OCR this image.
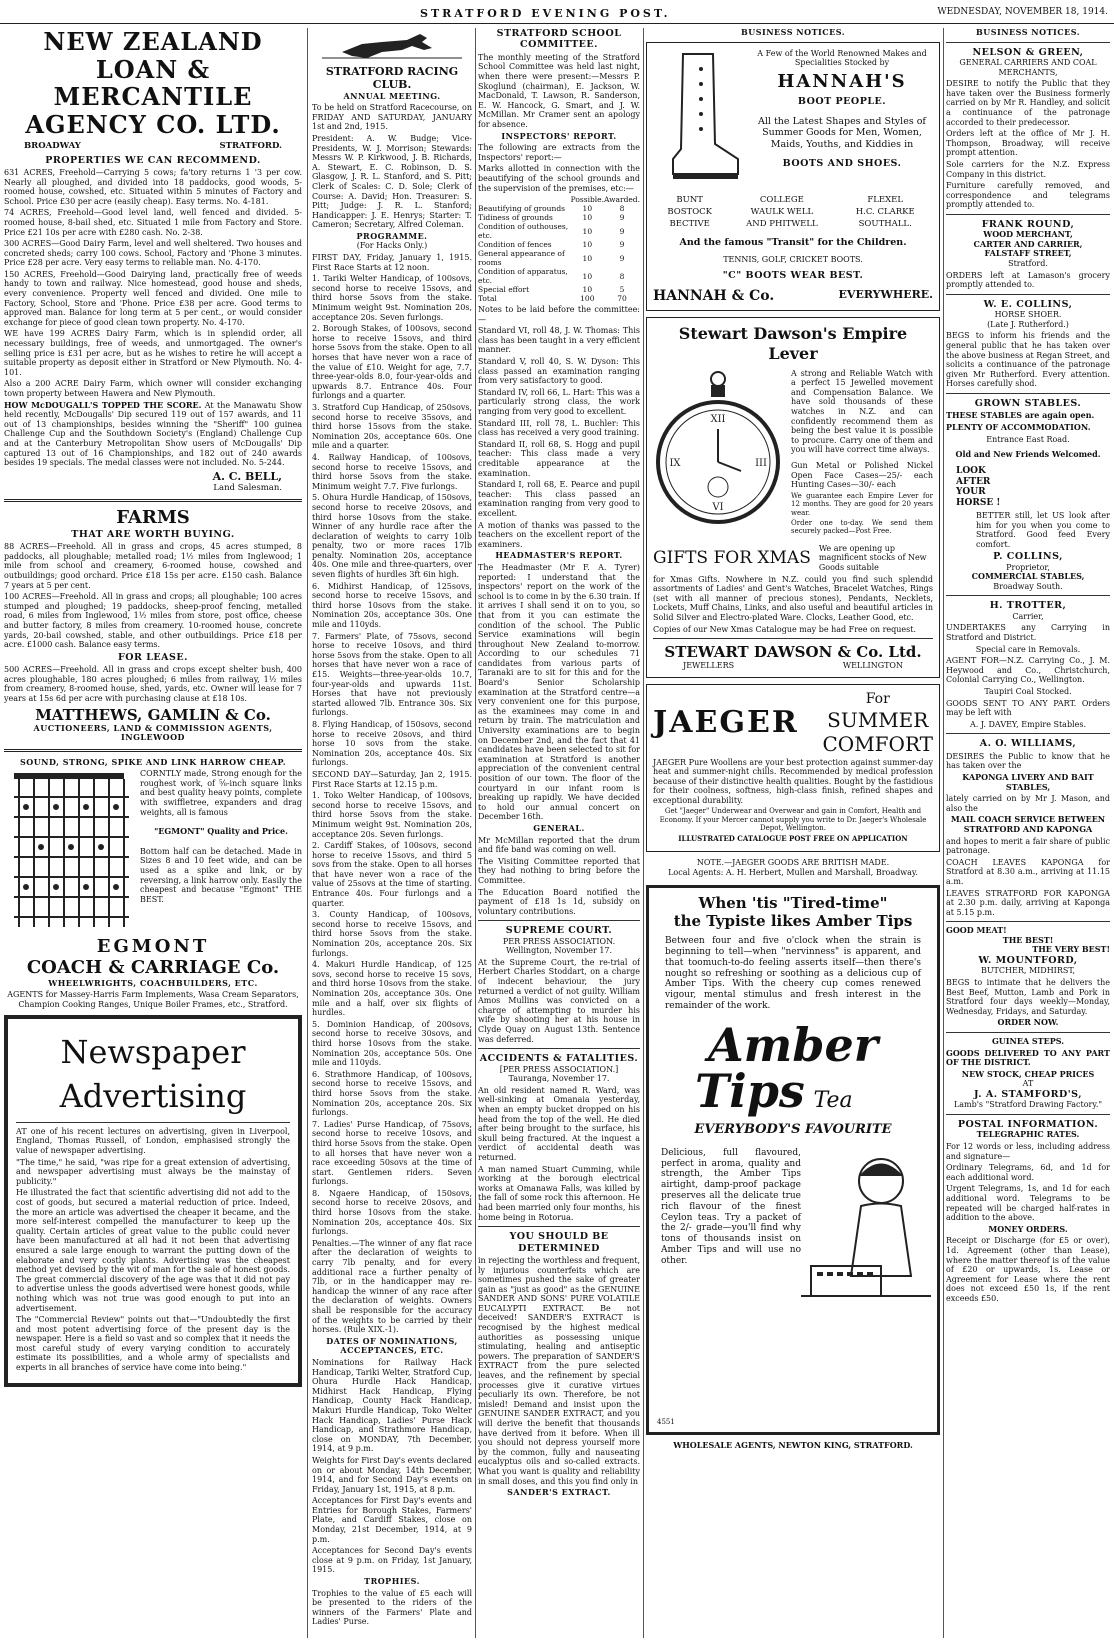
STRATFORD EVENING POST.	WEDNESDAY, NOVEMBER 18, 1914.
NEW ZEALAND
LOAN & MERCANTILE
AGENCY CO. LTD.
BROADWAY	STRATFORD.
PROPERTIES WE CAN RECOMMEND.

631 ACRES, Freehold—Carrying 5 cows; fa'tory returns 1 '3 per cow. Nearly all ploughed, and divided into 18 paddocks, good woods, 5-roomed house, cowshed, etc. Situated within 5 minutes of Factory and School. Price £30 per acre (easily cheap). Easy terms. No. 4-181.

74 ACRES, Freehold—Good level land, well fenced and divided. 5-roomed house, 8-bail shed, etc. Situated 1 mile from Factory and Store. Price £21 10s per acre with £280 cash. No. 2-38.

300 ACRES—Good Dairy Farm, level and well sheltered. Two houses and concreted sheds; carry 100 cows. School, Factory and 'Phone 3 minutes. Price £28 per acre. Very easy terms to reliable man. No. 4-170.

150 ACRES, Freehold—Good Dairying land, practically free of weeds handy to town and railway. Nice homestead, good house and sheds, every convenience. Property well fenced and divided. One mile to Factory, School, Store and 'Phone. Price £38 per acre. Good terms to approved man. Balance for long term at 5 per cent., or would consider exchange for piece of good clean town property. No. 4-170.

WE have 199 ACRES Dairy Farm, which is in splendid order, all necessary buildings, free of weeds, and unmortgaged. The owner's selling price is £31 per acre, but as he wishes to retire he will accept a suitable property as deposit either in Stratford or New Plymouth. No. 4-101.

Also a 200 ACRE Dairy Farm, which owner will consider exchanging town property between Hawera and New Plymouth.

HOW McDOUGALL'S TOPPED THE SCORE. At the Manawatu Show held recently, McDougalls' Dip secured 119 out of 157 awards, and 11 out of 13 championships, besides winning the "Sheriff" 100 guinea Challenge Cup and the Southdown Society's (England) Challenge Cup and at the Canterbury Metropolitan Show users of McDougalls' Dip captured 13 out of 16 Championships, and 182 out of 240 awards besides 19 specials. The medal classes were not included. No. 5-244.

A. C. BELL,
Land Salesman.
FARMS
THAT ARE WORTH BUYING.

88 ACRES—Freehold. All in grass and crops, 45 acres stumped, 8 paddocks, all ploughable; metalled road; 1½ miles from Inglewood; 1 mile from school and creamery, 6-roomed house, cowshed and outbuildings; good orchard. Price £18 15s per acre. £150 cash. Balance 7 years at 5 per cent.

100 ACRES—Freehold. All in grass and crops; all ploughable; 100 acres stumped and ploughed; 19 paddocks, sheep-proof fencing, metalled road, 6 miles from Inglewood, 1½ miles from store, post office, cheese and butter factory, 8 miles from creamery. 10-roomed house, concrete yards, 20-bail cowshed, stable, and other outbuildings. Price £18 per acre. £1000 cash. Balance easy terms.

FOR LEASE.

500 ACRES—Freehold. All in grass and crops except shelter bush, 400 acres ploughable, 180 acres ploughed; 6 miles from railway, 1½ miles from creamery, 8-roomed house, shed, yards, etc. Owner will lease for 7 years at 15s 6d per acre with purchasing clause at £18 10s.

MATTHEWS, GAMLIN & Co.
AUCTIONEERS, LAND & COMMISSION AGENTS,
INGLEWOOD
SOUND, STRONG, SPIKE AND LINK HARROW CHEAP.

CORNTLY made, Strong enough for the roughest work, of ⅝-inch square links and best quality heavy points, complete with swiffletree, expanders and drag weights, all is famous

"EGMONT" Quality and Price.

Bottom half can be detached. Made in Sizes 8 and 10 feet wide, and can be used as a spike and link, or by reversing, a link harrow only. Easily the cheapest and because "Egmont" THE BEST.

EGMONT
COACH & CARRIAGE Co.
WHEELWRIGHTS, COACHBUILDERS, ETC.

AGENTS for Massey-Harris Farm Implements, Wasa Cream Separators, Champion Cooking Ranges, Unique Boiler Frames, etc., Stratford.

Newspaper
Advertising

AT one of his recent lectures on advertising, given in Liverpool, England, Thomas Russell, of London, emphasised strongly the value of newspaper advertising.

"The time," he said, "was ripe for a great extension of advertising, and newspaper advertising must always be the mainstay of publicity."

He illustrated the fact that scientific advertising did not add to the cost of goods, but secured a material reduction of price. Indeed, the more an article was advertised the cheaper it became, and the more self-interest compelled the manufacturer to keep up the quality. Certain articles of great value to the public could never have been manufactured at all had it not been that advertising ensured a sale large enough to warrant the putting down of the elaborate and very costly plants. Advertising was the cheapest method yet devised by the wit of man for the sale of honest goods. The great commercial discovery of the age was that it did not pay to advertise unless the goods advertised were honest goods, while nothing which was not true was good enough to put into an advertisement.

The "Commercial Review" points out that—"Undoubtedly the first and most potent advertising force of the present day is the newspaper. Here is a field so vast and so complex that it needs the most careful study of every varying condition to accurately estimate its possibilities, and a whole army of specialists and experts in all branches of service have come into being."

STRATFORD RACING CLUB.
ANNUAL MEETING.

To be held on Stratford Racecourse, on FRIDAY AND SATURDAY, JANUARY 1st and 2nd, 1915.

President: A. W. Budge; Vice-Presidents, W. J. Morrison; Stewards: Messrs W. P. Kirkwood, J. B. Richards, A. Stewart, E. C. Robinson, D. S. Glasgow, J. R. L. Stanford, and S. Pitt; Clerk of Scales: C. D. Sole; Clerk of Course: A. David; Hon. Treasurer: S. Pitt; Judge: J. R. L. Stanford; Handicapper: J. E. Henrys; Starter: T. Cameron; Secretary, Alfred Coleman.

PROGRAMME.
(For Hacks Only.)

FIRST DAY, Friday, January 1, 1915. First Race Starts at 12 noon.

1. Tariki Welter Handicap, of 100sovs, second horse to receive 15sovs, and third horse 5sovs from the stake. Minimum weight 9st. Nomination 20s, acceptance 20s. Seven furlongs.

2. Borough Stakes, of 100sovs, second horse to receive 15sovs, and third horse 5sovs from the stake. Open to all horses that have never won a race of the value of £10. Weight for age, 7.7, three-year-olds 8.0, four-year-olds and upwards 8.7. Entrance 40s. Four furlongs and a quarter.

3. Stratford Cup Handicap, of 250sovs, second horse to receive 35sovs, and third horse 15sovs from the stake. Nomination 20s, acceptance 60s. One mile and a quarter.

4. Railway Handicap, of 100sovs, second horse to receive 15sovs, and third horse 5sovs from the stake. Minimum weight 7.7. Five furlongs.

5. Ohura Hurdle Handicap, of 150sovs, second horse to receive 20sovs, and third horse 10sovs from the stake. Winner of any hurdle race after the declaration of weights to carry 10lb penalty, two or more races 17lb penalty. Nomination 20s, acceptance 40s. One mile and three-quarters, over seven flights of hurdles 3ft 6in high.

6. Midhirst Handicap, of 125sovs, second horse to receive 15sovs, and third horse 10sovs from the stake. Nomination 20s, acceptance 30s. One mile and 110yds.

7. Farmers' Plate, of 75sovs, second horse to receive 10sovs, and third horse 5sovs from the stake. Open to all horses that have never won a race of £15. Weights—three-year-olds 10.7, four-year-olds and upwards 11st. Horses that have not previously started allowed 7lb. Entrance 30s. Six furlongs.

8. Flying Handicap, of 150sovs, second horse to receive 20sovs, and third horse 10 sovs from the stake. Nomination 20s, acceptance 40s. Six furlongs.

SECOND DAY—Saturday, Jan 2, 1915. First Race Starts at 12.15 p.m.

1. Toko Welter Handicap, of 100sovs, second horse to receive 15sovs, and third horse 5sovs from the stake. Minimum weight 9st. Nomination 20s, acceptance 20s. Seven furlongs.

2. Cardiff Stakes, of 100sovs, second horse to receive 15sovs, and third 5 sovs from the stake. Open to all horses that have never won a race of the value of 25sovs at the time of starting. Entrance 40s. Four furlongs and a quarter.

3. County Handicap, of 100sovs, second horse to receive 15sovs, and third horse 5sovs from the stake. Nomination 20s, acceptance 20s. Six furlongs.

4. Makuri Hurdle Handicap, of 125 sovs, second horse to receive 15 sovs, and third horse 10sovs from the stake. Nomination 20s, acceptance 30s. One mile and a half, over six flights of hurdles.

5. Dominion Handicap, of 200sovs, second horse to receive 30sovs, and third horse 10sovs from the stake. Nomination 20s, acceptance 50s. One mile and 110yds.

6. Strathmore Handicap, of 100sovs, second horse to receive 15sovs, and third horse 5sovs from the stake. Nomination 20s, acceptance 20s. Six furlongs.

7. Ladies' Purse Handicap, of 75sovs, second horse to receive 10sovs, and third horse 5sovs from the stake. Open to all horses that have never won a race exceeding 50sovs at the time of start. Gentlemen riders. Seven furlongs.

8. Ngaere Handicap, of 150sovs, second horse to receive 20sovs, and third horse 10sovs from the stake. Nomination 20s, acceptance 40s. Six furlongs.

Penalties.—The winner of any flat race after the declaration of weights to carry 7lb penalty, and for every additional race a further penalty of 7lb, or in the handicapper may re-handicap the winner of any race after the declaration of weights. Owners shall be responsible for the accuracy of the weights to be carried by their horses. (Rule XIX.-1).

DATES OF NOMINATIONS, ACCEPTANCES, ETC.

Nominations for Railway Hack Handicap, Tariki Welter, Stratford Cup, Ohura Hurdle Hack Handicap, Midhirst Hack Handicap, Flying Handicap, County Hack Handicap, Makuri Hurdle Handicap, Toko Welter Hack Handicap, Ladies' Purse Hack Handicap, and Strathmore Handicap, close on MONDAY, 7th December, 1914, at 9 p.m.

Weights for First Day's events declared on or about Monday, 14th December, 1914, and for Second Day's events on Friday, January 1st, 1915, at 8 p.m.

Acceptances for First Day's events and Entries for Borough Stakes, Farmers' Plate, and Cardiff Stakes, close on Monday, 21st December, 1914, at 9 p.m.

Acceptances for Second Day's events close at 9 p.m. on Friday, 1st January, 1915.

TROPHIES.

Trophies to the value of £5 each will be presented to the riders of the winners of the Farmers' Plate and Ladies' Purse.

STRATFORD SCHOOL COMMITTEE.

The monthly meeting of the Stratford School Committee was held last night, when there were present:—Messrs P. Skoglund (chairman), E. Jackson, W. MacDonald, T. Lawson, R. Sanderson, E. W. Hancock, G. Smart, and J. W. McMillan. Mr Cramer sent an apology for absence.

INSPECTORS' REPORT.

The following are extracts from the Inspectors' report:—

Marks allotted in connection with the beautifying of the school grounds and the supervision of the premises, etc:—

	Possible.	Awarded.
Beautifying of grounds	10	8
Tidiness of grounds	10	9
Condition of outhouses, etc.	10	9
Condition of fences	10	9
General appearance of rooms	10	9
Condition of apparatus, etc.	10	8
Special effort	10	5
Total	100	70

Notes to be laid before the committee:—

Standard VI, roll 48, J. W. Thomas: This class has been taught in a very efficient manner.

Standard V, roll 40, S. W. Dyson: This class passed an examination ranging from very satisfactory to good.

Standard IV, roll 66, L. Hart: This was a particularly strong class, the work ranging from very good to excellent.

Standard III, roll 78, L. Buchler: This class has received a very good training.

Standard II, roll 68, S. Hogg and pupil teacher: This class made a very creditable appearance at the examination.

Standard I, roll 68, E. Pearce and pupil teacher: This class passed an examination ranging from very good to excellent.

A motion of thanks was passed to the teachers on the excellent report of the examiners.

HEADMASTER'S REPORT.

The Headmaster (Mr F. A. Tyrer) reported: I understand that the inspectors' report on the work of the school is to come in by the 6.30 train. If it arrives I shall send it on to you, so that from it you can estimate the condition of the school. The Public Service examinations will begin throughout New Zealand to-morrow. According to our schedules 71 candidates from various parts of Taranaki are to sit for this and for the Board's Senior Scholarship examination at the Stratford centre—a very convenient one for this purpose, as the examinees may come in and return by train. The matriculation and University examinations are to begin on December 2nd, and the fact that 41 candidates have been selected to sit for examination at Stratford is another appreciation of the convenient central position of our town. The floor of the courtyard in our infant room is breaking up rapidly. We have decided to hold our annual concert on December 16th.

GENERAL.

Mr McMillan reported that the drum and fife band was coming on well.

The Visiting Committee reported that they had nothing to bring before the Committee.

The Education Board notified the payment of £18 1s 1d, subsidy on voluntary contributions.

SUPREME COURT.
PER PRESS ASSOCIATION.
Wellington, November 17.

At the Supreme Court, the re-trial of Herbert Charles Stoddart, on a charge of indecent behaviour, the jury returned a verdict of not guilty. William Amos Mullins was convicted on a charge of attempting to murder his wife by shooting her at his house in Clyde Quay on August 13th. Sentence was deferred.

ACCIDENTS & FATALITIES.
[PER PRESS ASSOCIATION.]
Tauranga, November 17.

An old resident named R. Ward, was well-sinking at Omanaia yesterday, when an empty bucket dropped on his head from the top of the well. He died after being brought to the surface, his skull being fractured. At the inquest a verdict of accidental death was returned.

A man named Stuart Cumming, while working at the borough electrical works at Omanawa Falls, was killed by the fall of some rock this afternoon. He had been married only four months, his home being in Rotorua.

YOU SHOULD BE DETERMINED

in rejecting the worthless and frequent, ly injurious counterfeits which are sometimes pushed the sake of greater gain as "just as good" as the GENUINE SANDER AND SONS' PURE VOLATILE EUCALYPTI EXTRACT. Be not deceived! SANDER'S EXTRACT is recognised by the highest medical authorities as possessing unique stimulating, healing and antiseptic powers. The preparation of SANDER'S EXTRACT from the pure selected leaves, and the refinement by special processes give it curative virtues peculiarly its own. Therefore, be not misled! Demand and insist upon the GENUINE SANDER EXTRACT, and you will derive the benefit that thousands have derived from it before. When ill you should not depress yourself more by the common, fully and nauseating eucalyptus oils and so-called extracts. What you want is quality and reliability in small doses, and this you find only in

SANDER'S EXTRACT.
BUSINESS NOTICES.
A Few of the World Renowned Makes and Specialities Stocked by
HANNAH'S
BOOT PEOPLE.
All the Latest Shapes and Styles of Summer Goods for Men, Women, Maids, Youths, and Kiddies in
BOOTS AND SHOES.
BUNT	COLLEGE	FLEXEL
BOSTOCK	WAULK WELL	H.C. CLARKE
BECTIVE	AND PHITWELL	SOUTHALL.
And the famous "Transit" for the Children.
TENNIS, GOLF, CRICKET BOOTS.
"C" BOOTS WEAR BEST.
HANNAH & Co.	EVERYWHERE.
Stewart Dawson's Empire Lever
XII
III
VI
IX

A strong and Reliable Watch with a perfect 15 Jewelled movement and Compensation Balance. We have sold thousands of these watches in N.Z. and can confidently recommend them as being the best value it is possible to procure. Carry one of them and you will have correct time always.

Gun Metal or Polished Nickel Open Face Cases—25/- each Hunting Cases—30/- each

We guarantee each Empire Lever for 12 months. They are good for 20 years wear.

Order one to-day. We send them securely packed—Post Free.

GIFTS FOR XMAS We are opening up magnificent stocks of New Goods suitable

for Xmas Gifts. Nowhere in N.Z. could you find such splendid assortments of Ladies' and Gent's Watches, Bracelet Watches, Rings (set with all manner of precious stones), Pendants, Necklets, Lockets, Muff Chains, Links, and also useful and beautiful articles in Solid Silver and Electro-plated Ware. Clocks, Leather Good, etc.

Copies of our New Xmas Catalogue may be had Free on request.

STEWART DAWSON & Co. Ltd.
JEWELLERS	WELLINGTON
JAEGER
For
SUMMER
COMFORT

JAEGER Pure Woollens are your best protection against summer-day heat and summer-night chills. Recommended by medical profession because of their distinctive health qualities. Bought by the fastidious for their coolness, softness, high-class finish, refined shapes and exceptional durability.

Get "Jaeger" Underwear and Overwear and gain in Comfort, Health and Economy. If your Mercer cannot supply you write to Dr. Jaeger's Wholesale Depot, Wellington.

ILLUSTRATED CATALOGUE POST FREE ON APPLICATION

NOTE.—JAEGER GOODS ARE BRITISH MADE.
Local Agents: A. H. Herbert, Mullen and Marshall, Broadway.
When 'tis "Tired-time"
the Typiste likes Amber Tips

Between four and five o'clock when the strain is beginning to tell—when "nervinness" is apparent, and that toomuch-to-do feeling asserts itself—then there's nought so refreshing or soothing as a delicious cup of Amber Tips. With the cheery cup comes renewed vigour, mental stimulus and fresh interest in the remainder of the work.

Amber
Tips Tea
EVERYBODY'S FAVOURITE

Delicious, full flavoured, perfect in aroma, quality and strength, the Amber Tips airtight, damp-proof package preserves all the delicate true rich flavour of the finest Ceylon teas. Try a packet of the 2/- grade—you'll find why tons of thousands insist on Amber Tips and will use no other.

4551
WHOLESALE AGENTS, NEWTON KING, STRATFORD.
BUSINESS NOTICES.
NELSON & GREEN,
GENERAL CARRIERS AND COAL MERCHANTS,

DESIRE to notify the Public that they have taken over the Business formerly carried on by Mr R. Handley, and solicit a continuance of the patronage accorded to their predecessor.

Orders left at the office of Mr J. H. Thompson, Broadway, will receive prompt attention.

Sole carriers for the N.Z. Express Company in this district.

Furniture carefully removed, and correspondence and telegrams promptly attended to.

FRANK ROUND,
WOOD MERCHANT,
CARTER AND CARRIER,
FALSTAFF STREET,
Stratford.

ORDERS left at Lamason's grocery promptly attended to.

W. E. COLLINS,
HORSE SHOER.
(Late J. Rutherford.)

BEGS to inform his friends and the general public that he has taken over the above business at Regan Street, and solicits a continuance of the patronage given Mr Rutherford. Every attention. Horses carefully shod.

GROWN STABLES.

THESE STABLES are again open.

PLENTY OF ACCOMMODATION.

Entrance East Road.
Old and New Friends Welcomed.
LOOK
AFTER
YOUR
HORSE !

BETTER still, let US look after him for you when you come to Stratford. Good feed Every comfort.

P. COLLINS,
Proprietor,
COMMERCIAL STABLES,
Broadway South.
H. TROTTER,
Carrier,

UNDERTAKES any Carrying in Stratford and District.

Special care in Removals.

AGENT FOR—N.Z. Carrying Co., J. M. Heywood and Co., Christchurch, Colonial Carrying Co., Wellington.

Taupiri Coal Stocked.

GOODS SENT TO ANY PART. Orders may be left with

A. J. DAVEY, Empire Stables.
A. O. WILLIAMS,

DESIRES the Public to know that he has taken over the

KAPONGA LIVERY AND BAIT STABLES,

lately carried on by Mr J. Mason, and also the

MAIL COACH SERVICE BETWEEN STRATFORD AND KAPONGA

and hopes to merit a fair share of public patronage.

COACH LEAVES KAPONGA for Stratford at 8.30 a.m., arriving at 11.15 a.m.

LEAVES STRATFORD FOR KAPONGA at 2.30 p.m. daily, arriving at Kaponga at 5.15 p.m.

GOOD MEAT!
THE BEST!
THE VERY BEST!
W. MOUNTFORD,
BUTCHER, MIDHIRST,

BEGS to intimate that he delivers the Best Beef, Mutton, Lamb and Pork in Stratford four days weekly—Monday, Wednesday, Fridays, and Saturday.

ORDER NOW.
GUINEA STEPS.

GOODS DELIVERED TO ANY PART OF THE DISTRICT.

NEW STOCK, CHEAP PRICES
AT
J. A. STAMFORD'S,
Lamb's "Stratford Drawing Factory."
POSTAL INFORMATION.
TELEGRAPHIC RATES.

For 12 words or less, including address and signature—

Ordinary Telegrams, 6d, and 1d for each additional word.

Urgent Telegrams, 1s, and 1d for each additional word. Telegrams to be repeated will be charged half-rates in addition to the above.

MONEY ORDERS.

Receipt or Discharge (for £5 or over), 1d. Agreement (other than Lease), where the matter thereof is of the value of £20 or upwards, 1s. Lease or Agreement for Lease where the rent does not exceed £50 1s, if the rent exceeds £50.
